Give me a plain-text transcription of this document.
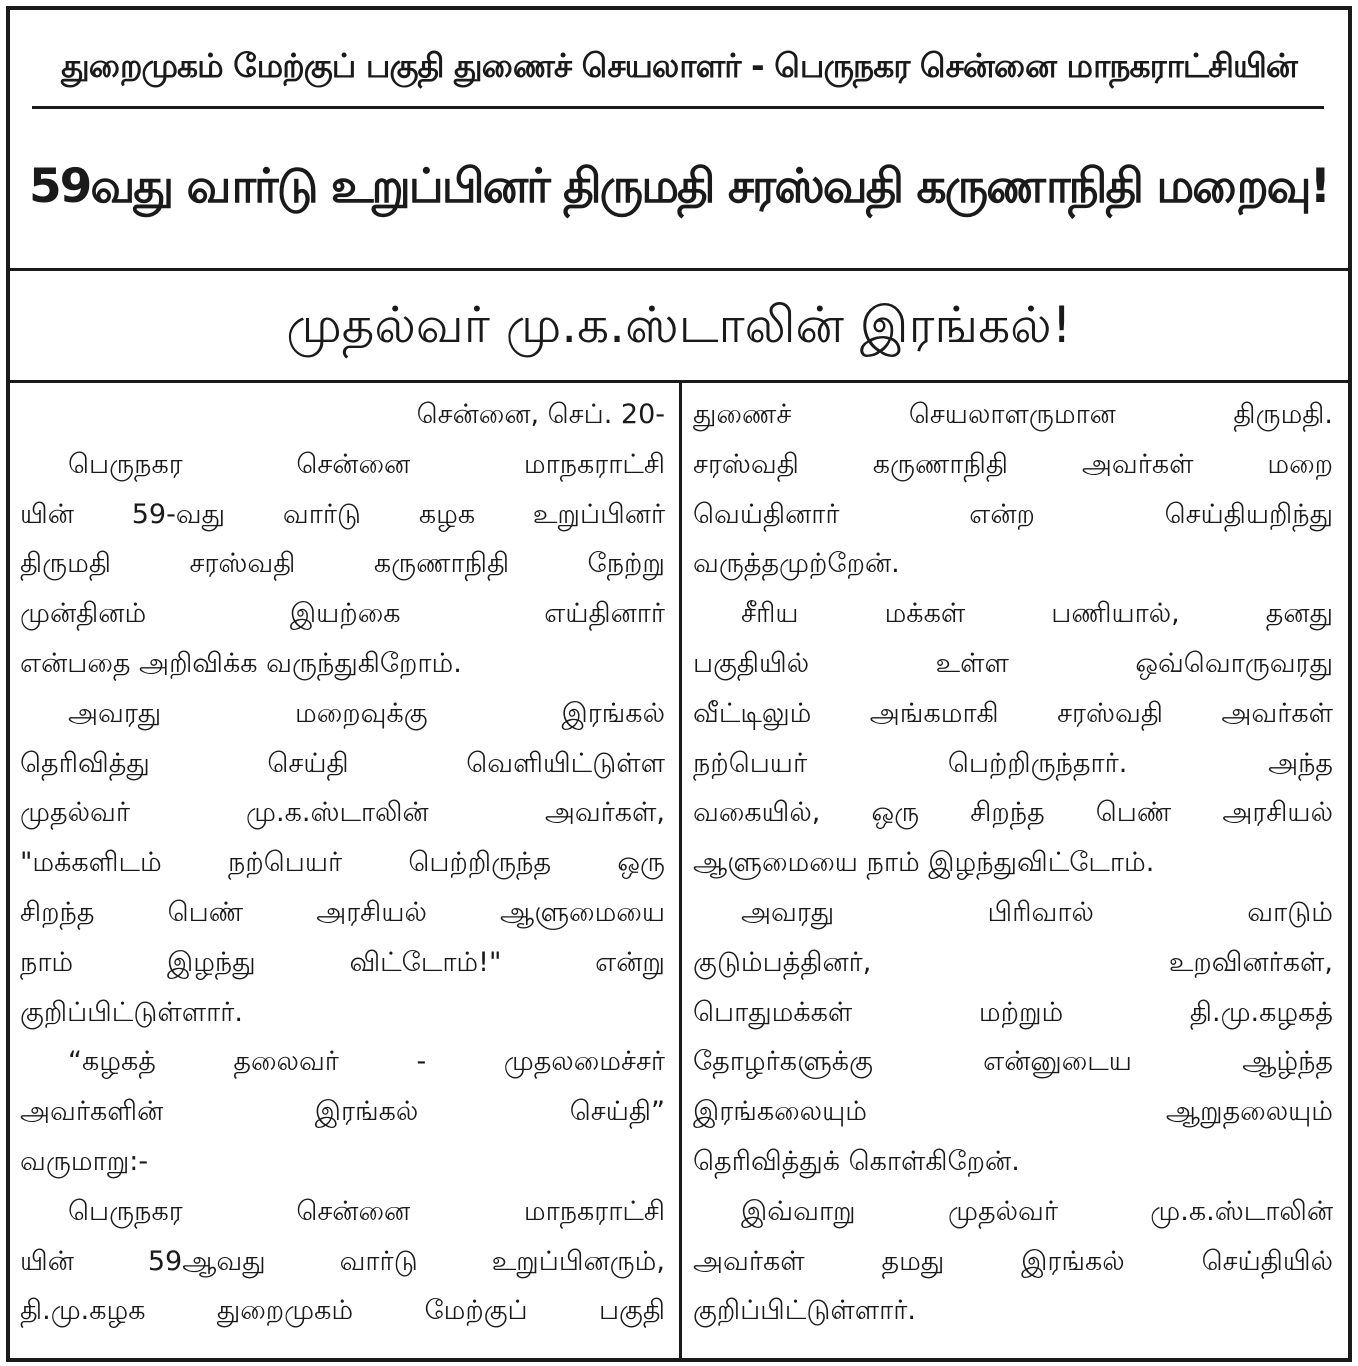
துறைமுகம் மேற்குப் பகுதி துணைச் செயலாளர் - பெருநகர சென்னை மாநகராட்சியின்
59வது வார்டு உறுப்பினர் திருமதி சரஸ்வதி கருணாநிதி மறைவு!
முதல்வர் மு.க.ஸ்டாலின் இரங்கல்!
சென்னை, செப். 20-
பெருநகர சென்னை மாநகராட்சி
யின் 59-வது வார்டு கழக உறுப்பினர்
திருமதி சரஸ்வதி கருணாநிதி நேற்று
முன்தினம் இயற்கை எய்தினார்
என்பதை அறிவிக்க வருந்துகிறோம்.
அவரது மறைவுக்கு இரங்கல்
தெரிவித்து செய்தி வெளியிட்டுள்ள
முதல்வர் மு.க.ஸ்டாலின் அவர்கள்,
"மக்களிடம் நற்பெயர் பெற்றிருந்த ஒரு
சிறந்த பெண் அரசியல் ஆளுமையை
நாம் இழந்து விட்டோம்!" என்று
குறிப்பிட்டுள்ளார்.
“கழகத் தலைவர் - முதலமைச்சர்
அவர்களின் இரங்கல் செய்தி”
வருமாறு:-
பெருநகர சென்னை மாநகராட்சி
யின் 59ஆவது வார்டு உறுப்பினரும்,
தி.மு.கழக துறைமுகம் மேற்குப் பகுதி
துணைச் செயலாளருமான திருமதி.
சரஸ்வதி கருணாநிதி அவர்கள் மறை
வெய்தினார் என்ற செய்தியறிந்து
வருத்தமுற்றேன்.
சீரிய மக்கள் பணியால், தனது
பகுதியில் உள்ள ஒவ்வொருவரது
வீட்டிலும் அங்கமாகி சரஸ்வதி அவர்கள்
நற்பெயர் பெற்றிருந்தார். அந்த
வகையில், ஒரு சிறந்த பெண் அரசியல்
ஆளுமையை நாம் இழந்துவிட்டோம்.
அவரது பிரிவால் வாடும்
குடும்பத்தினர், உறவினர்கள்,
பொதுமக்கள் மற்றும் தி.மு.கழகத்
தோழர்களுக்கு என்னுடைய ஆழ்ந்த
இரங்கலையும் ஆறுதலையும்
தெரிவித்துக் கொள்கிறேன்.
இவ்வாறு முதல்வர் மு.க.ஸ்டாலின்
அவர்கள் தமது இரங்கல் செய்தியில்
குறிப்பிட்டுள்ளார்.
